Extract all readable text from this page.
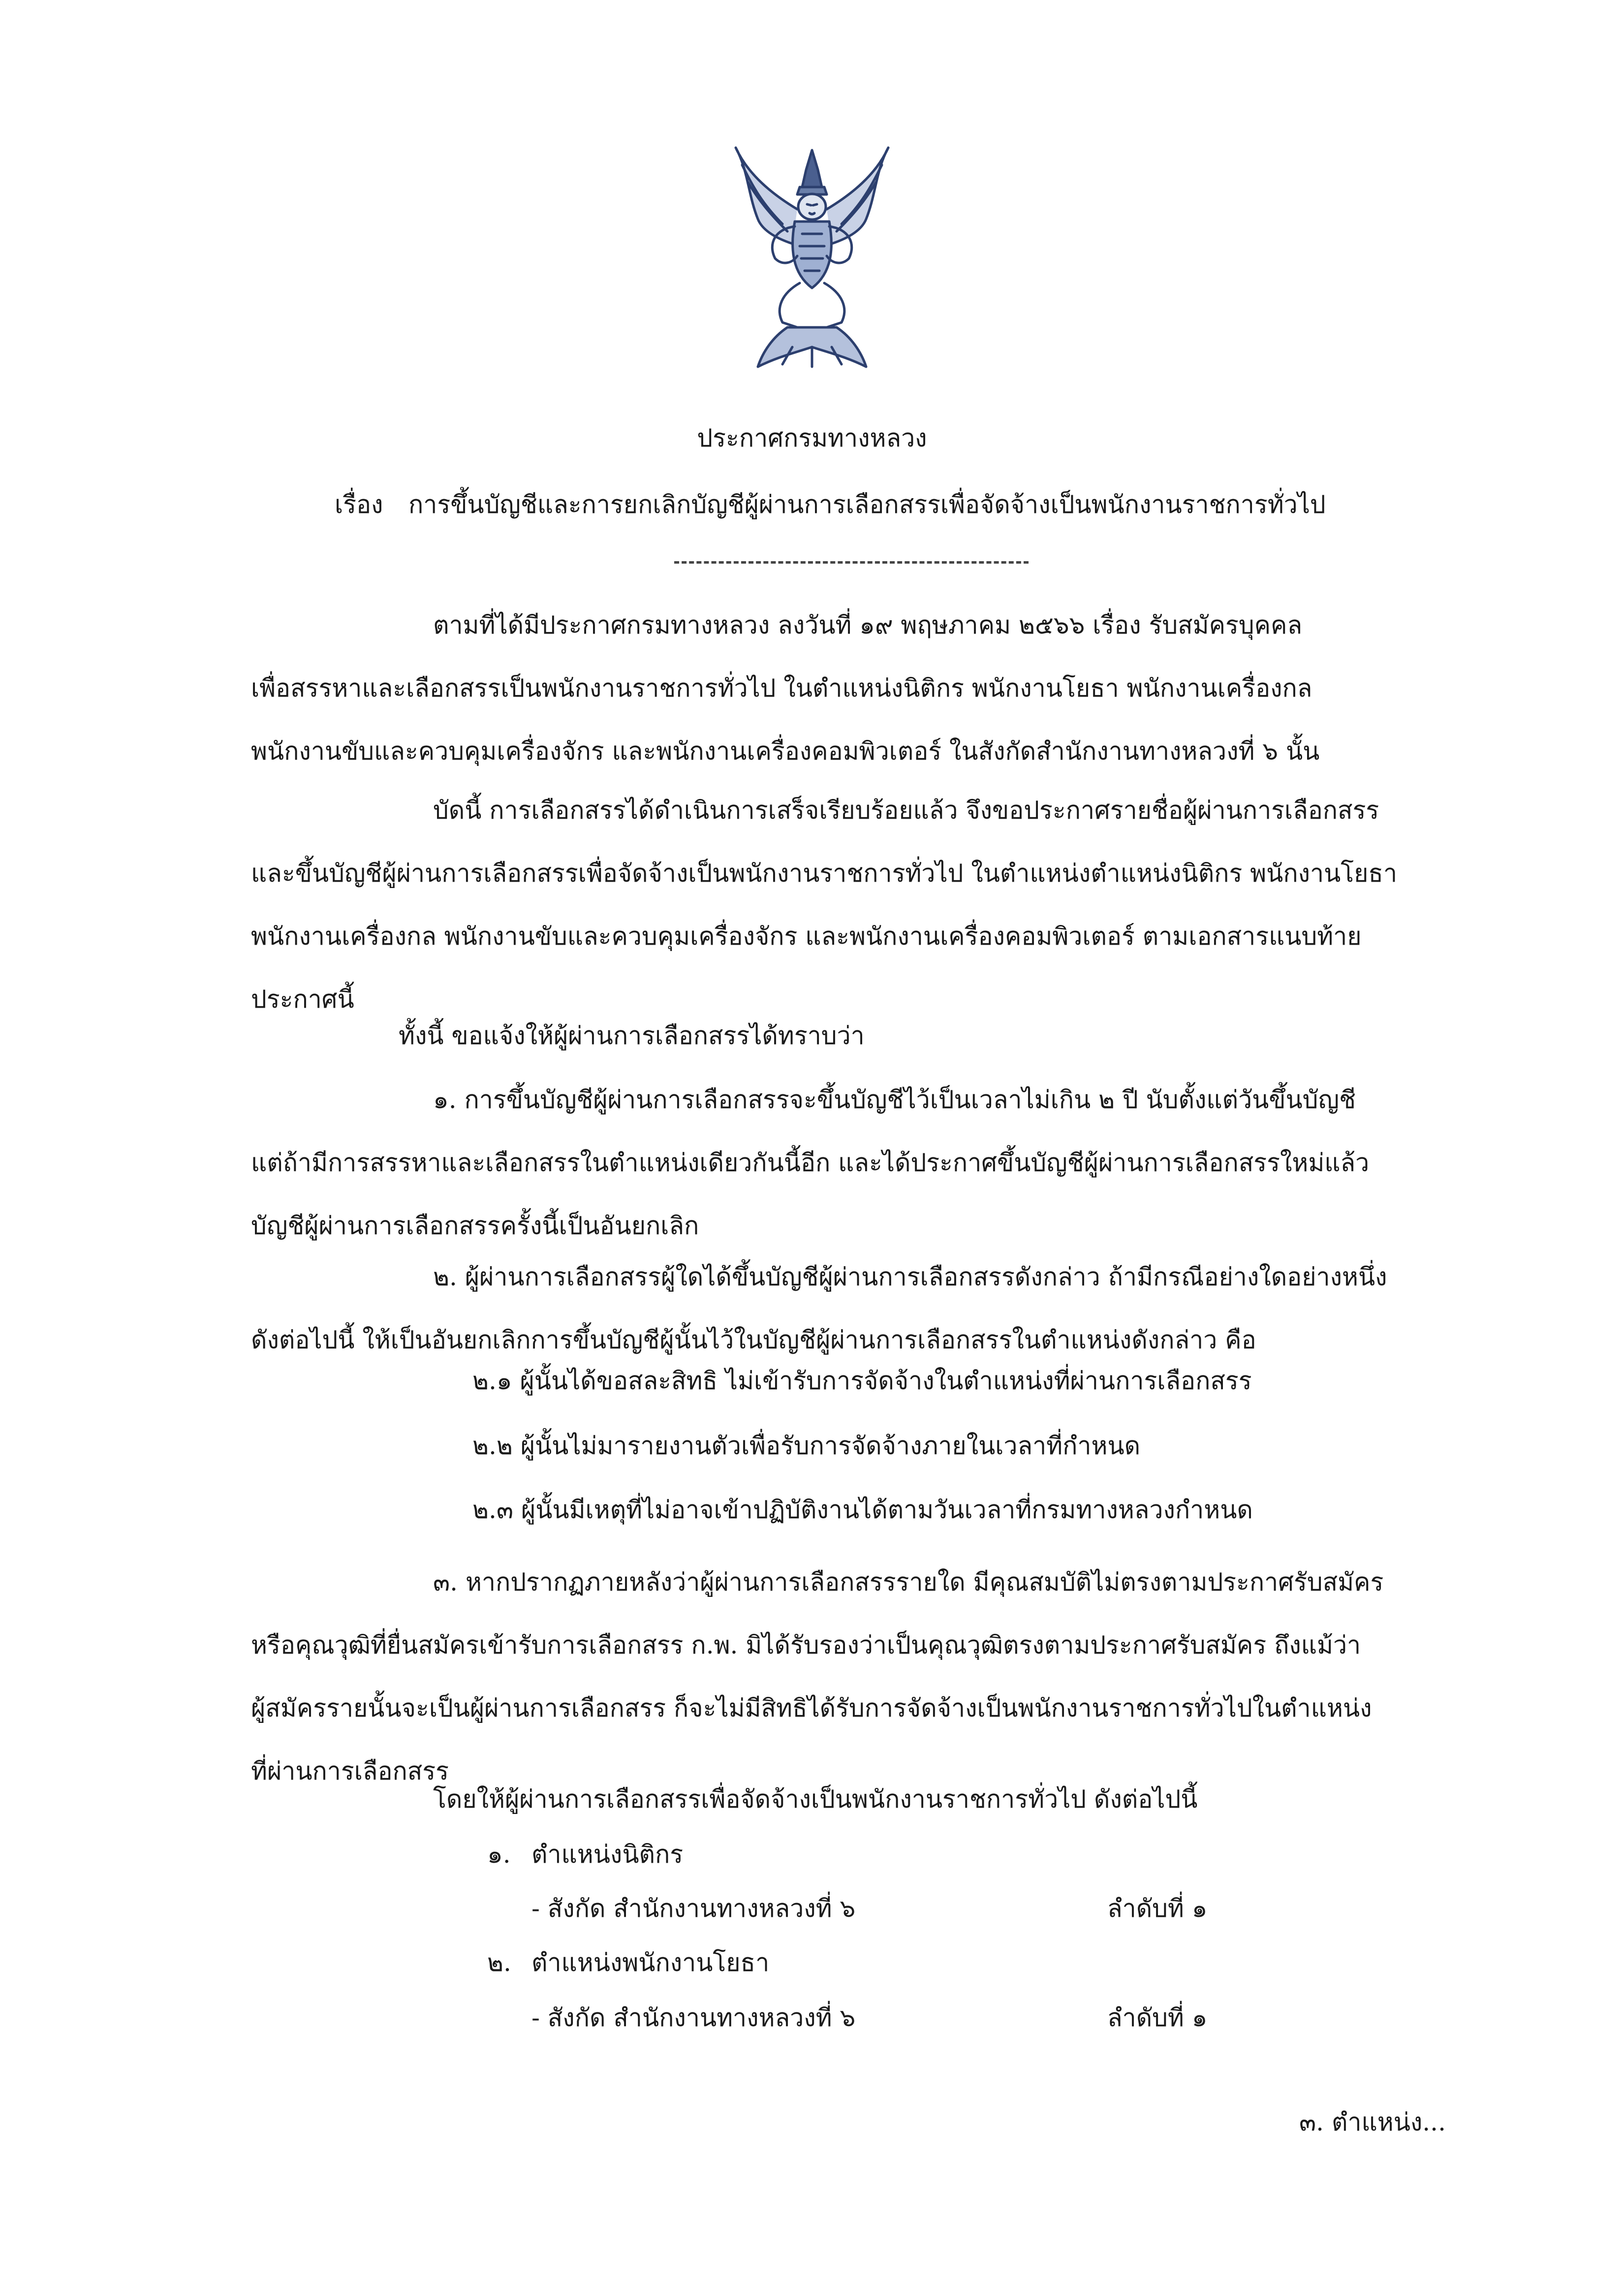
ประกาศกรมทางหลวง
เรื่อง การขึ้นบัญชีและการยกเลิกบัญชีผู้ผ่านการเลือกสรรเพื่อจัดจ้างเป็นพนักงานราชการทั่วไป
ตามที่ได้มีประกาศกรมทางหลวง ลงวันที่ ๑๙ พฤษภาคม ๒๕๖๖ เรื่อง รับสมัครบุคคล
เพื่อสรรหาและเลือกสรรเป็นพนักงานราชการทั่วไป ในตำแหน่งนิติกร พนักงานโยธา พนักงานเครื่องกล
พนักงานขับและควบคุมเครื่องจักร และพนักงานเครื่องคอมพิวเตอร์ ในสังกัดสำนักงานทางหลวงที่ ๖ นั้น
บัดนี้ การเลือกสรรได้ดำเนินการเสร็จเรียบร้อยแล้ว จึงขอประกาศรายชื่อผู้ผ่านการเลือกสรร
และขึ้นบัญชีผู้ผ่านการเลือกสรรเพื่อจัดจ้างเป็นพนักงานราชการทั่วไป ในตำแหน่งตำแหน่งนิติกร พนักงานโยธา
พนักงานเครื่องกล พนักงานขับและควบคุมเครื่องจักร และพนักงานเครื่องคอมพิวเตอร์ ตามเอกสารแนบท้าย
ประกาศนี้
ทั้งนี้ ขอแจ้งให้ผู้ผ่านการเลือกสรรได้ทราบว่า
๑. การขึ้นบัญชีผู้ผ่านการเลือกสรรจะขึ้นบัญชีไว้เป็นเวลาไม่เกิน ๒ ปี นับตั้งแต่วันขึ้นบัญชี
แต่ถ้ามีการสรรหาและเลือกสรรในตำแหน่งเดียวกันนี้อีก และได้ประกาศขึ้นบัญชีผู้ผ่านการเลือกสรรใหม่แล้ว
บัญชีผู้ผ่านการเลือกสรรครั้งนี้เป็นอันยกเลิก
๒. ผู้ผ่านการเลือกสรรผู้ใดได้ขึ้นบัญชีผู้ผ่านการเลือกสรรดังกล่าว ถ้ามีกรณีอย่างใดอย่างหนึ่ง
ดังต่อไปนี้ ให้เป็นอันยกเลิกการขึ้นบัญชีผู้นั้นไว้ในบัญชีผู้ผ่านการเลือกสรรในตำแหน่งดังกล่าว คือ
๒.๑ ผู้นั้นได้ขอสละสิทธิ ไม่เข้ารับการจัดจ้างในตำแหน่งที่ผ่านการเลือกสรร
๒.๒ ผู้นั้นไม่มารายงานตัวเพื่อรับการจัดจ้างภายในเวลาที่กำหนด
๒.๓ ผู้นั้นมีเหตุที่ไม่อาจเข้าปฏิบัติงานได้ตามวันเวลาที่กรมทางหลวงกำหนด
๓. หากปรากฏภายหลังว่าผู้ผ่านการเลือกสรรรายใด มีคุณสมบัติไม่ตรงตามประกาศรับสมัคร
หรือคุณวุฒิที่ยื่นสมัครเข้ารับการเลือกสรร ก.พ. มิได้รับรองว่าเป็นคุณวุฒิตรงตามประกาศรับสมัคร ถึงแม้ว่า
ผู้สมัครรายนั้นจะเป็นผู้ผ่านการเลือกสรร ก็จะไม่มีสิทธิได้รับการจัดจ้างเป็นพนักงานราชการทั่วไปในตำแหน่ง
ที่ผ่านการเลือกสรร
โดยให้ผู้ผ่านการเลือกสรรเพื่อจัดจ้างเป็นพนักงานราชการทั่วไป ดังต่อไปนี้
๑. ตำแหน่งนิติกร
- สังกัด สำนักงานทางหลวงที่ ๖	ลำดับที่ ๑
๒. ตำแหน่งพนักงานโยธา
- สังกัด สำนักงานทางหลวงที่ ๖	ลำดับที่ ๑
๓. ตำแหน่ง...
